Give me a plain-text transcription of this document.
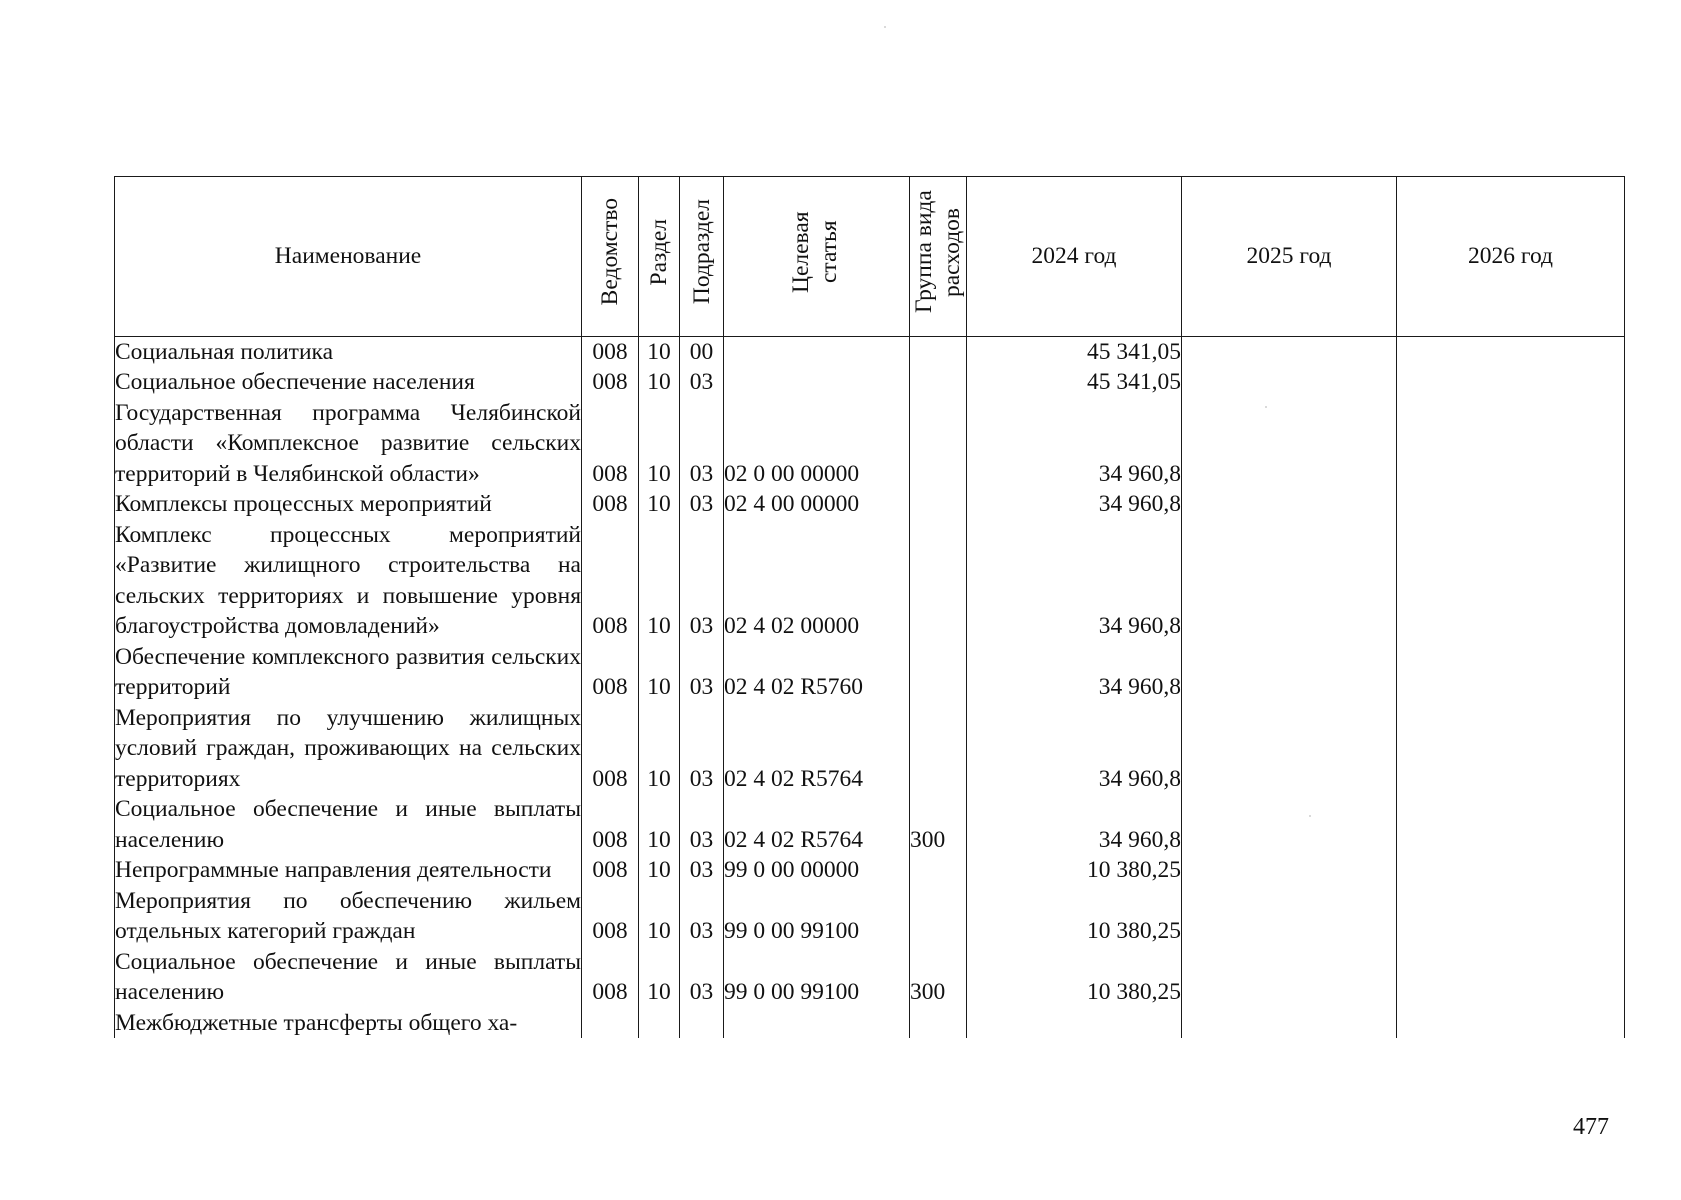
Наименование	Ведомство	Раздел	Подраздел	Целевая статья	Группа вида расходов	2024 год	2025 год	2026 год
Социальная политика	008	10	00			45 341,05		
Социальное обеспечение населения	008	10	03			45 341,05		
Государственная программа Челябинской области «Комплексное развитие сельских территорий в Челябинской области»	008	10	03	02 0 00 00000		34 960,8		
Комплексы процессных мероприятий	008	10	03	02 4 00 00000		34 960,8		
Комплекс процессных мероприятий «Развитие жилищного строительства на сельских территориях и повышение уровня благоустройства домовладений»	008	10	03	02 4 02 00000		34 960,8		
Обеспечение комплексного развития сельских территорий	008	10	03	02 4 02 R5760		34 960,8		
Мероприятия по улучшению жилищных условий граждан, проживающих на сельских территориях	008	10	03	02 4 02 R5764		34 960,8		
Социальное обеспечение и иные выплаты населению	008	10	03	02 4 02 R5764	300	34 960,8		
Непрограммные направления деятельности	008	10	03	99 0 00 00000		10 380,25		
Мероприятия по обеспечению жильем отдельных категорий граждан	008	10	03	99 0 00 99100		10 380,25		
Социальное обеспечение и иные выплаты населению	008	10	03	99 0 00 99100	300	10 380,25		
Межбюджетные трансферты общего ха-								
477
